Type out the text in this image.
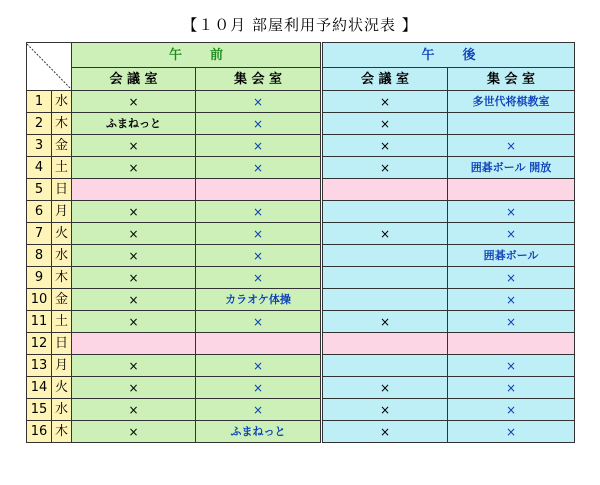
【１０月 部屋利用予約状況表 】
	午 前		午 後	
		会 議 室	集 会 室	会 議 室	集 会 室
1	水	×	×	×	多世代将棋教室
2	木	ふまねっと	×	×	
3	金	×	×	×	×
4	土	×	×	×	囲碁ボール 開放
5	日				
6	月	×	×		×
7	火	×	×	×	×
8	水	×	×		囲碁ボール
9	木	×	×		×
10	金	×	カラオケ体操		×
11	土	×	×	×	×
12	日				
13	月	×	×		×
14	火	×	×	×	×
15	水	×	×	×	×
16	木	×	ふまねっと	×	×
